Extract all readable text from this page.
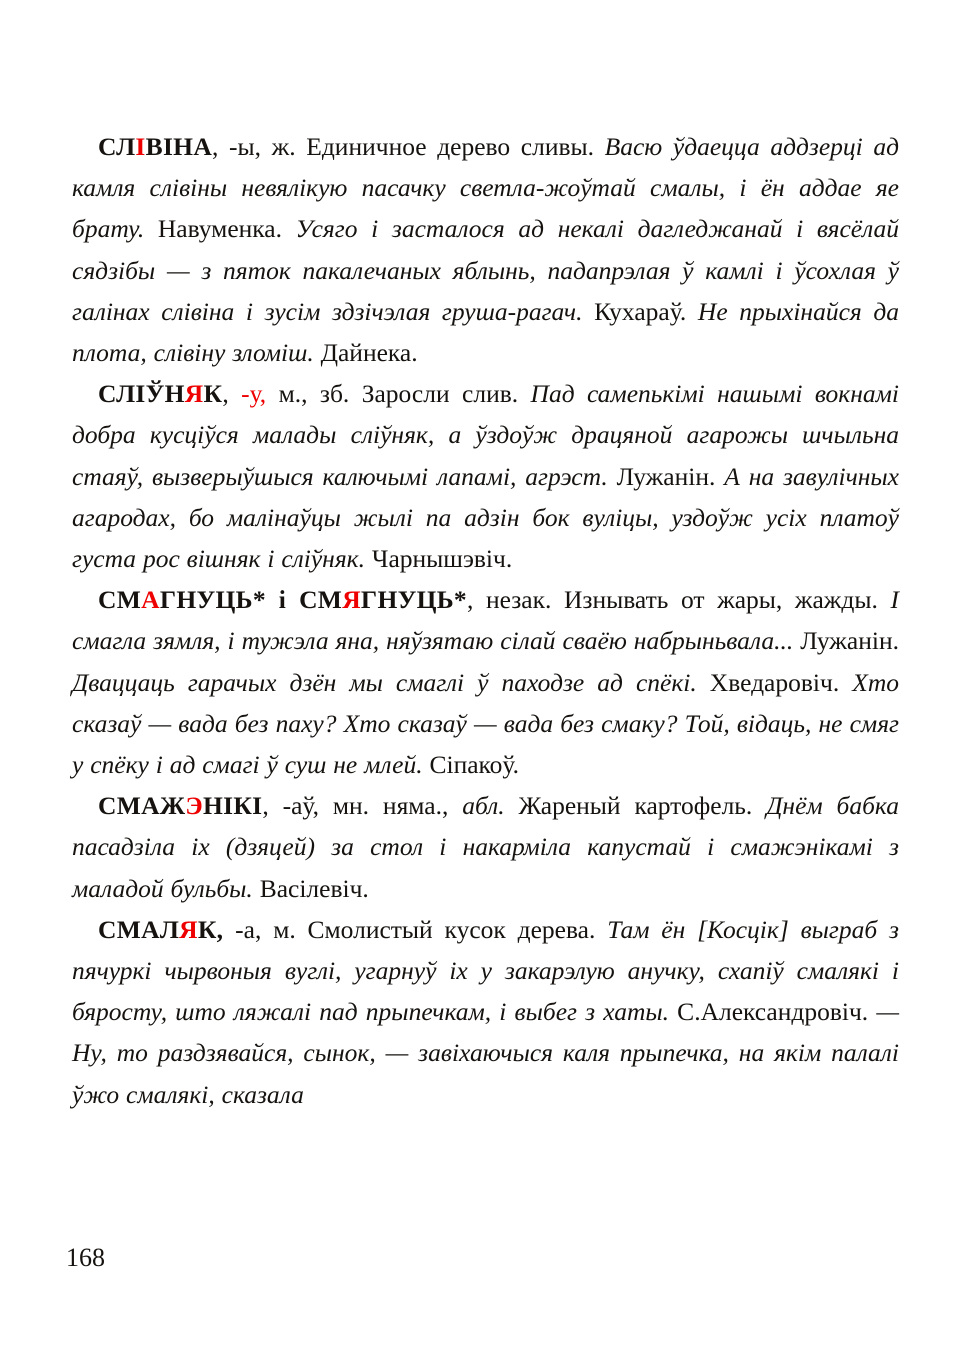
СЛІВІНА, -ы, ж. Единичное дерево сливы. Васю ўдаецца аддзерці ад камля слівіны невялікую пасачку светла-жоўтай смалы, і ён аддае яе брату. Навуменка. Усяго і засталося ад некалі дагледжанай і вясёлай сядзібы — з пяток пакалечаных яблынь, падапрэлая ў камлі і ўсохлая ў галінах слівіна і зусім здзічэлая груша-рагач. Кухараў. Не прыхінайся да плота, слівіну зломіш. Дайнека.

СЛІЎНЯК, -у, м., зб. Заросли слив. Пад самenькімі нашымі вокнамі добра кусціўся малады сліўняк, а ўздоўж драцяной агарожы шчыльна стаяў, вызверыўшыся калючымі лапамі, агрэст. Лужанін. А на завулічных агародах, бо малінаўцы жылі па адзін бок вуліцы, уздоўж усіх платоў густа рос вішняк і сліўняк. Чарнышэвіч.

СМАГНУЦЬ* і СМЯГНУЦЬ*, незак. Изнывать от жары, жажды. І смагла зямля, і тужэла яна, няўзятаю сілай сваёю набрыньвала... Лужанін. Дваццаць гарачых дзён мы смаглі ў паходзе ад спёкі. Хведаровіч. Хто сказаў — вада без паху? Хто сказаў — вада без смаку? Той, відаць, не смяг у спёку і ад смагі ў суш не млей. Сіпакоў.

СМАЖЭНІКІ, -аў, мн. няма., абл. Жареный картофель. Днём бабка пасадзіла іх (дзяцей) за стол і накарміла капустай і смажэнікамі з маладой бульбы. Васілевіч.

СМАЛЯК, -а, м. Смолистый кусок дерева. Там ён [Косцік] выграб з пячуркі чырвоныя вуглі, угарнуў іх у закарэлую анучку, схапіў смалякі і бяросту, што ляжалі пад прыпечкам, і выбег з хаты. С.Александровіч. — Ну, то раздзявайся, сынок, — завіхаючыся каля прыпечка, на якім палалі ўжо смалякі, сказала

168
